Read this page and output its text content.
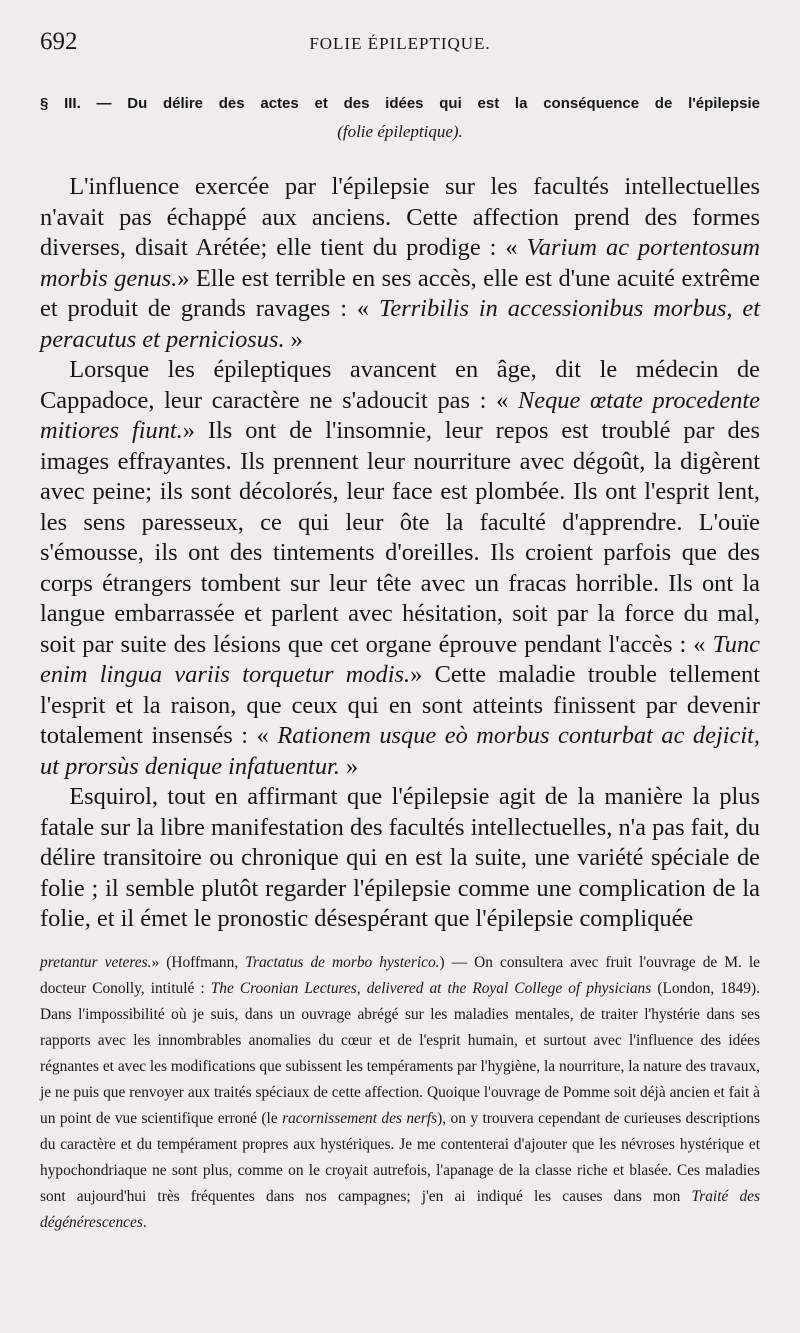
692	FOLIE ÉPILEPTIQUE.
§ III. — Du délire des actes et des idées qui est la conséquence de l'épilepsie
(folie épileptique).

L'influence exercée par l'épilepsie sur les facultés intellectuelles n'avait pas échappé aux anciens. Cette affection prend des formes diverses, disait Arétée; elle tient du prodige : « Varium ac portentosum morbis genus.» Elle est terrible en ses accès, elle est d'une acuité extrême et produit de grands ravages : « Terribilis in accessionibus morbus, et peracutus et perniciosus. »

Lorsque les épileptiques avancent en âge, dit le médecin de Cappadoce, leur caractère ne s'adoucit pas : « Neque œtate procedente mitiores fiunt.» Ils ont de l'insomnie, leur repos est troublé par des images effrayantes. Ils prennent leur nourriture avec dégoût, la digèrent avec peine; ils sont décolorés, leur face est plombée. Ils ont l'esprit lent, les sens paresseux, ce qui leur ôte la faculté d'apprendre. L'ouïe s'émousse, ils ont des tintements d'oreilles. Ils croient parfois que des corps étrangers tombent sur leur tête avec un fracas horrible. Ils ont la langue embarrassée et parlent avec hésitation, soit par la force du mal, soit par suite des lésions que cet organe éprouve pendant l'accès : « Tunc enim lingua variis torquetur modis.» Cette maladie trouble tellement l'esprit et la raison, que ceux qui en sont atteints finissent par devenir totalement insensés : « Rationem usque eò morbus conturbat ac dejicit, ut prorsùs denique infatuentur. »

Esquirol, tout en affirmant que l'épilepsie agit de la manière la plus fatale sur la libre manifestation des facultés intellectuelles, n'a pas fait, du délire transitoire ou chronique qui en est la suite, une variété spéciale de folie ; il semble plutôt regarder l'épilepsie comme une complication de la folie, et il émet le pronostic désespérant que l'épilepsie compliquée

pretantur veteres.» (Hoffmann, Tractatus de morbo hysterico.) — On consultera avec fruit l'ouvrage de M. le docteur Conolly, intitulé : The Croonian Lectures, delivered at the Royal College of physicians (London, 1849). Dans l'impossibilité où je suis, dans un ouvrage abrégé sur les maladies mentales, de traiter l'hystérie dans ses rapports avec les innombrables anomalies du cœur et de l'esprit humain, et surtout avec l'influence des idées régnantes et avec les modifications que subissent les tempéraments par l'hygiène, la nourriture, la nature des travaux, je ne puis que renvoyer aux traités spéciaux de cette affection. Quoique l'ouvrage de Pomme soit déjà ancien et fait à un point de vue scientifique erroné (le racornissement des nerfs), on y trouvera cependant de curieuses descriptions du caractère et du tempérament propres aux hystériques. Je me contenterai d'ajouter que les névroses hystérique et hypochondriaque ne sont plus, comme on le croyait autrefois, l'apanage de la classe riche et blasée. Ces maladies sont aujourd'hui très fréquentes dans nos campagnes; j'en ai indiqué les causes dans mon Traité des dégénérescences.
